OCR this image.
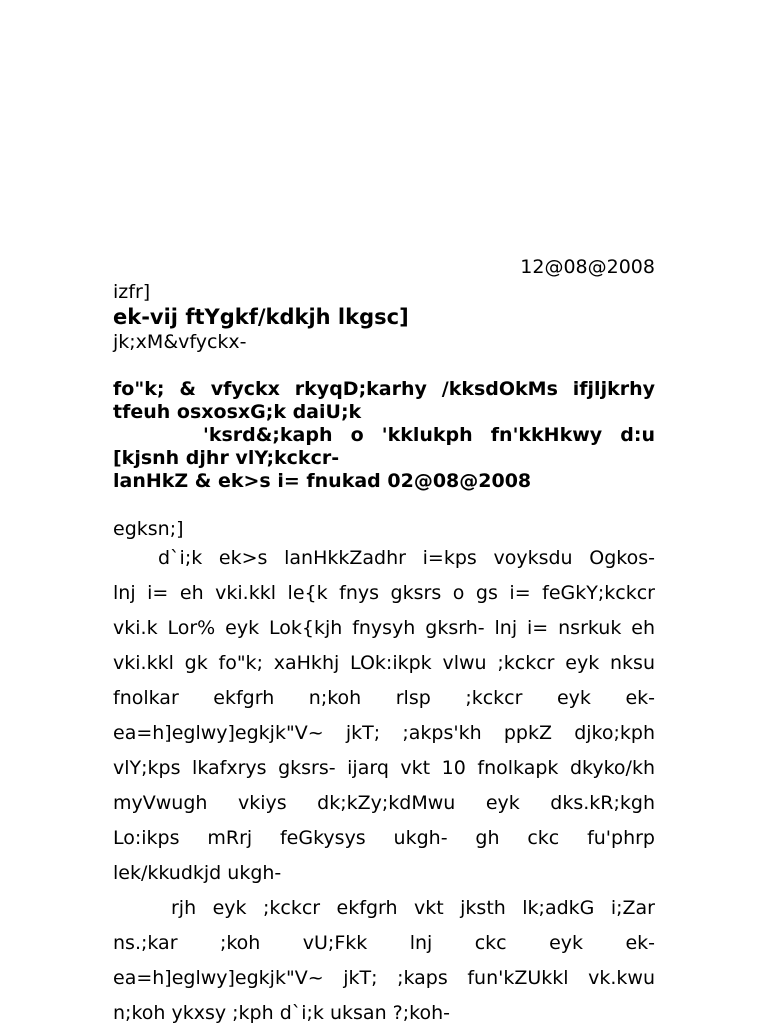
12@08@2008
izfr]
ek-vij ftYgkf/kdkjh lkgsc]
jk;xM&vfyckx-
fo"k; & vfyckx rkyqD;karhy /kksdOkMs ifjljkrhy
tfeuh osxosxG;k daiU;k
'ksrd&;kaph o 'kklukph fn'kkHkwy d:u
[kjsnh djhr vlY;kckcr-
lanHkZ & ek>s i= fnukad 02@08@2008
egksn;]
d`i;k ek>s lanHkkZadhr i=kps voyksdu Ogkos-
lnj i= eh vki.kkl le{k fnys gksrs o gs i= feGkY;kckcr
vki.k Lor% eyk Lok{kjh fnysyh gksrh- lnj i= nsrkuk eh
vki.kkl gk fo"k; xaHkhj LOk:ikpk vlwu ;kckcr eyk nksu
fnolkar ekfgrh n;koh rlsp ;kckcr eyk ek-
ea=h]eglwy]egkjk"V~ jkT; ;akps'kh ppkZ djko;kph
vlY;kps lkafxrys gksrs- ijarq vkt 10 fnolkapk dkyko/kh
myVwugh vkiys dk;kZy;kdMwu eyk dks.kR;kgh
Lo:ikps mRrj feGkysys ukgh- gh ckc fu'phrp
lek/kkudkjd ukgh-
rjh eyk ;kckcr ekfgrh vkt jksth lk;adkG i;Zar
ns.;kar ;koh vU;Fkk lnj ckc eyk ek-
ea=h]eglwy]egkjk"V~ jkT; ;kaps fun'kZUkkl vk.kwu
n;koh ykxsy ;kph d`i;k uksan ?;koh-
